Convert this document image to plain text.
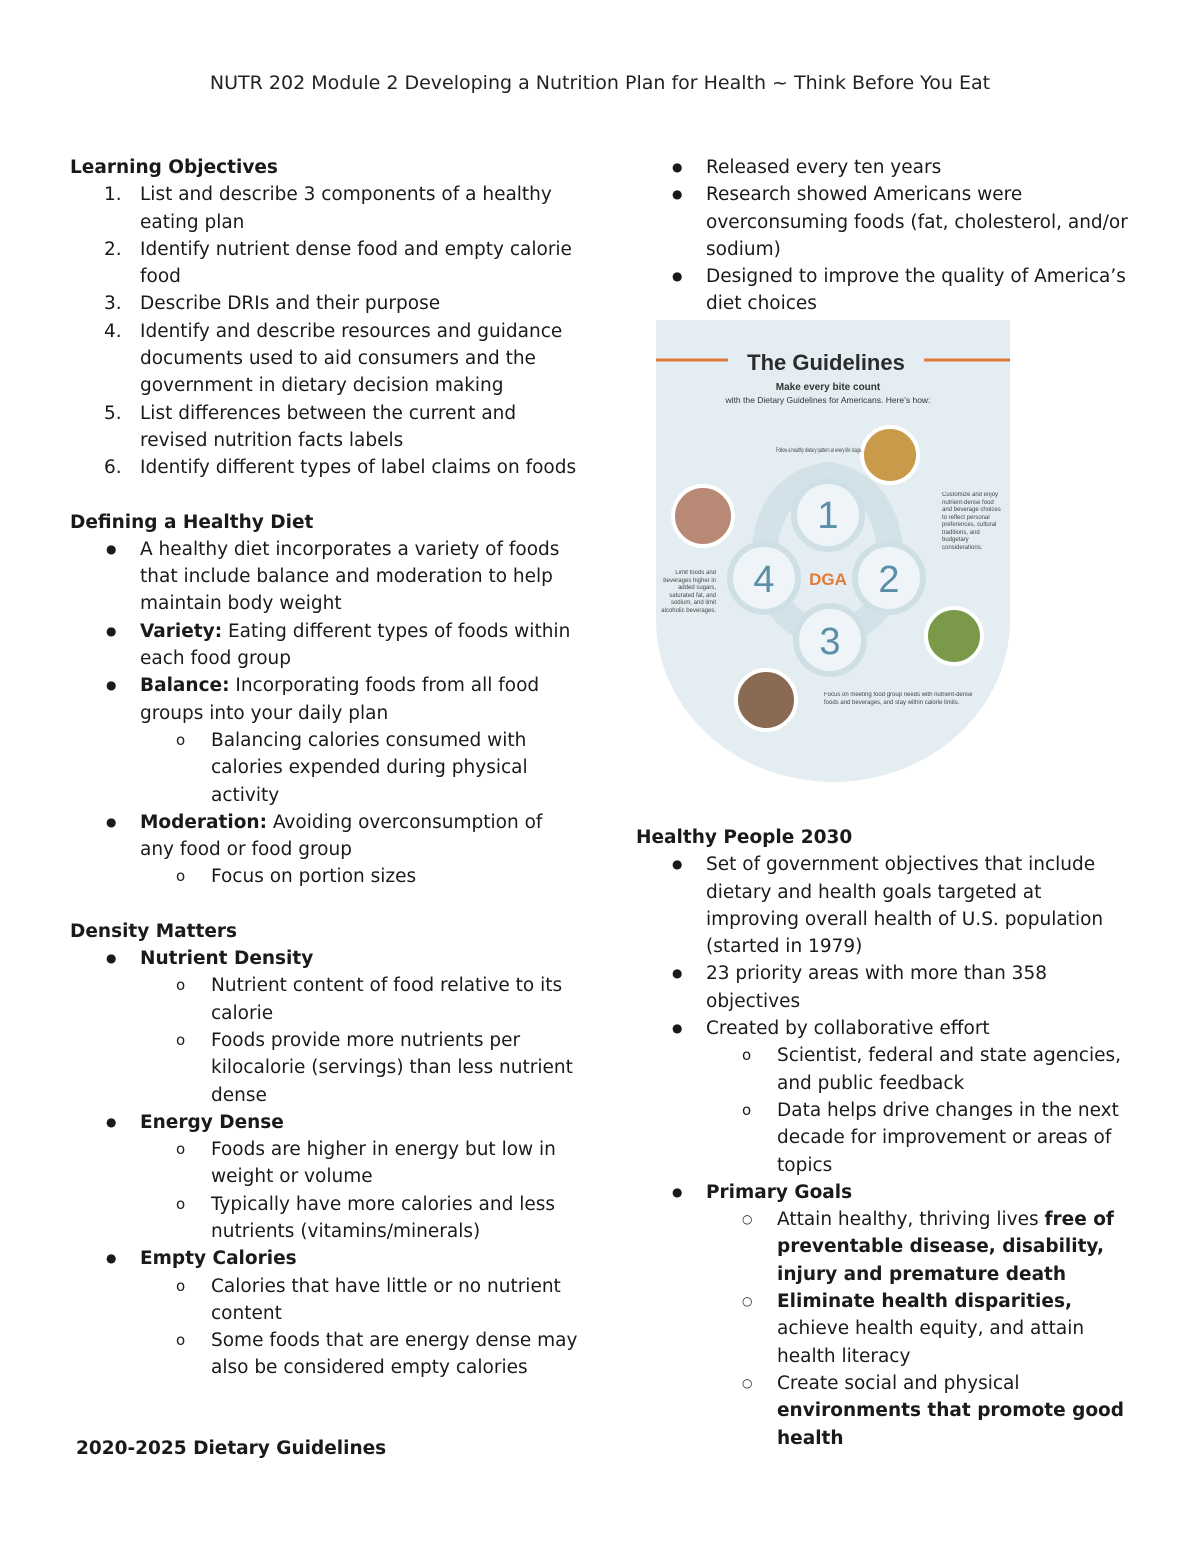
NUTR 202 Module 2 Developing a Nutrition Plan for Health ~ Think Before You Eat

Learning Objectives

1. List and describe 3 components of a healthy eating plan
2. Identify nutrient dense food and empty calorie food
3. Describe DRIs and their purpose
4. Identify and describe resources and guidance documents used to aid consumers and the government in dietary decision making
5. List differences between the current and revised nutrition facts labels
6. Identify different types of label claims on foods

Defining a Healthy Diet

● A healthy diet incorporates a variety of foods that include balance and moderation to help maintain body weight
● Variety: Eating different types of foods within each food group
● Balance: Incorporating foods from all food groups into your daily plan
o Balancing calories consumed with calories expended during physical activity
● Moderation: Avoiding overconsumption of any food or food group
o Focus on portion sizes

Density Matters

● Nutrient Density
o Nutrient content of food relative to its calorie
o Foods provide more nutrients per kilocalorie (servings) than less nutrient dense
● Energy Dense
o Foods are higher in energy but low in weight or volume
o Typically have more calories and less nutrients (vitamins/minerals)
● Empty Calories
o Calories that have little or no nutrient content
o Some foods that are energy dense may also be considered empty calories
2020-2025 Dietary Guidelines
● Released every ten years
● Research showed Americans were overconsuming foods (fat, cholesterol, and/or sodium)
● Designed to improve the quality of America’s diet choices
The Guidelines
Make every bite count
with the Dietary Guidelines for Americans. Here’s how:
1
2
3
4 DGA
Follow a healthy dietary pattern at every life stage.
Customize and enjoy nutrient-dense food and beverage choices to reflect personal preferences, cultural traditions, and budgetary considerations.
Limit foods and beverages higher in added sugars, saturated fat, and sodium, and limit alcoholic beverages.
Focus on meeting food group needs with nutrient-dense foods and beverages, and stay within calorie limits.

Healthy People 2030

● Set of government objectives that include dietary and health goals targeted at improving overall health of U.S. population (started in 1979)
● 23 priority areas with more than 358 objectives
● Created by collaborative effort
o Scientist, federal and state agencies, and public feedback
o Data helps drive changes in the next decade for improvement or areas of topics
● Primary Goals
○ Attain healthy, thriving lives free of preventable disease, disability, injury and premature death
○ Eliminate health disparities, achieve health equity, and attain health literacy
○ Create social and physical environments that promote good health
